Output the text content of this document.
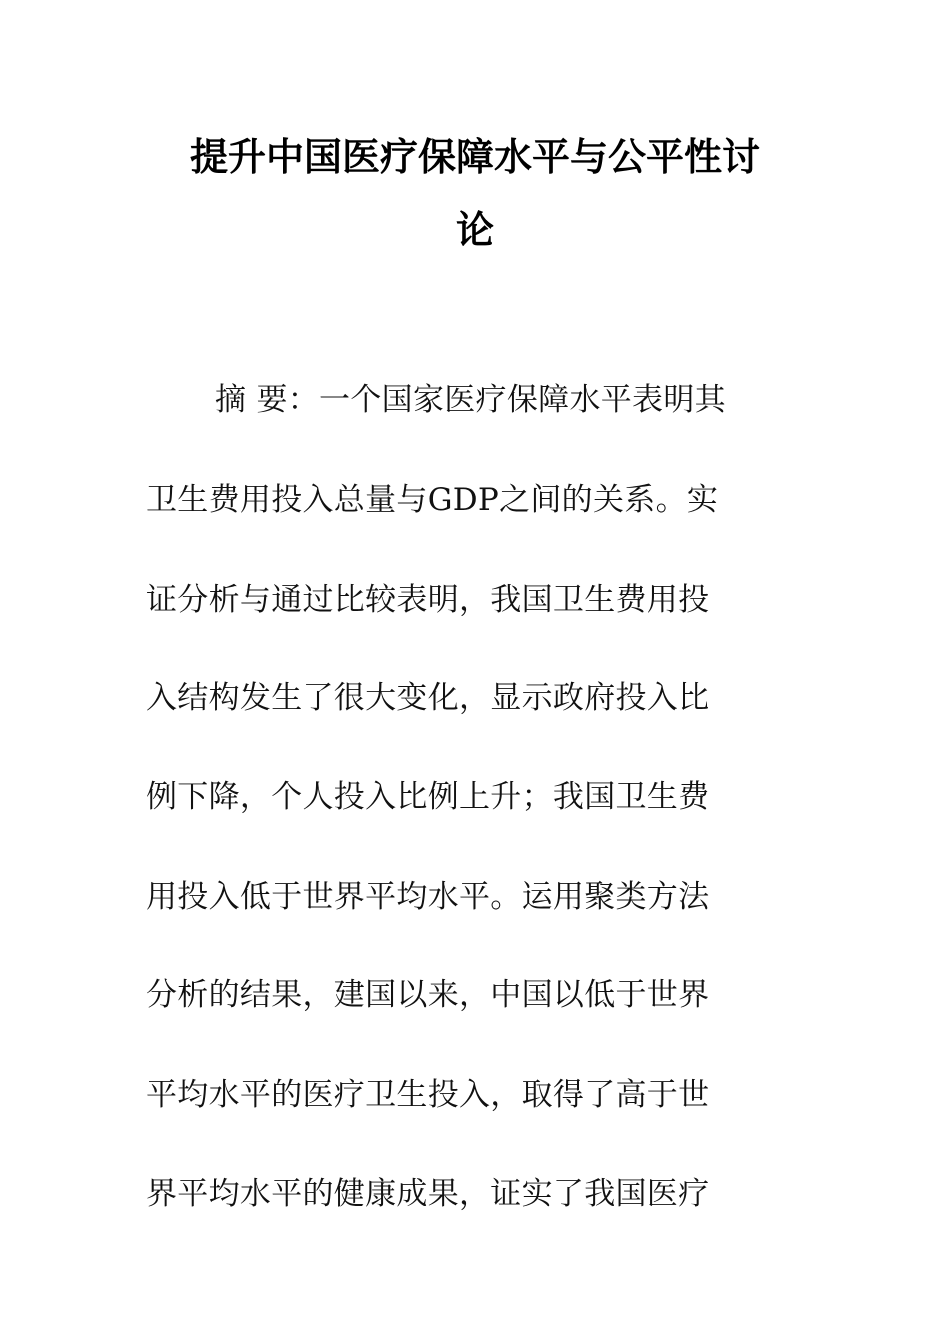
提升中国医疗保障水平与公平性讨
论
摘 要：一个国家医疗保障水平表明其
卫生费用投入总量与GDP之间的关系。实
证分析与通过比较表明，我国卫生费用投
入结构发生了很大变化，显示政府投入比
例下降，个人投入比例上升；我国卫生费
用投入低于世界平均水平。运用聚类方法
分析的结果，建国以来，中国以低于世界
平均水平的医疗卫生投入，取得了高于世
界平均水平的健康成果，证实了我国医疗
